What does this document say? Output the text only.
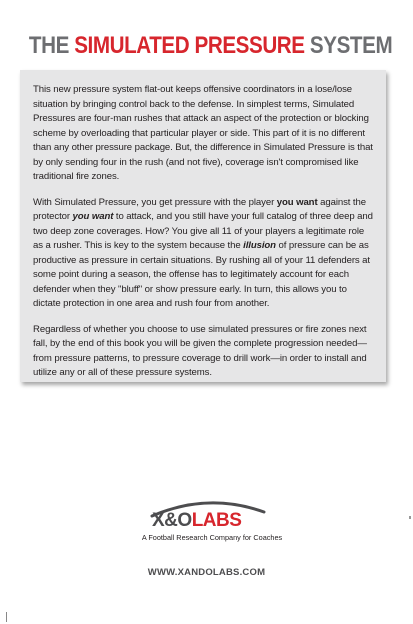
THE SIMULATED PRESSURE SYSTEM

This new pressure system flat-out keeps offensive coordinators in a lose/lose situation by bringing control back to the defense. In simplest terms, Simulated Pressures are four-man rushes that attack an aspect of the protection or blocking scheme by overloading that particular player or side. This part of it is no different than any other pressure package. But, the difference in Simulated Pressure is that by only sending four in the rush (and not five), coverage isn't compromised like traditional fire zones.

With Simulated Pressure, you get pressure with the player you want against the protector you want to attack, and you still have your full catalog of three deep and two deep zone coverages. How? You give all 11 of your players a legitimate role as a rusher. This is key to the system because the illusion of pressure can be as productive as pressure in certain situations. By rushing all of your 11 defenders at some point during a season, the offense has to legitimately account for each defender when they "bluff" or show pressure early. In turn, this allows you to dictate protection in one area and rush four from another.

Regardless of whether you choose to use simulated pressures or fire zones next fall, by the end of this book you will be given the complete progression needed—from pressure patterns, to pressure coverage to drill work—in order to install and utilize any or all of these pressure systems.

X&OLABS
A Football Research Company for Coaches
WWW.XANDOLABS.COM
